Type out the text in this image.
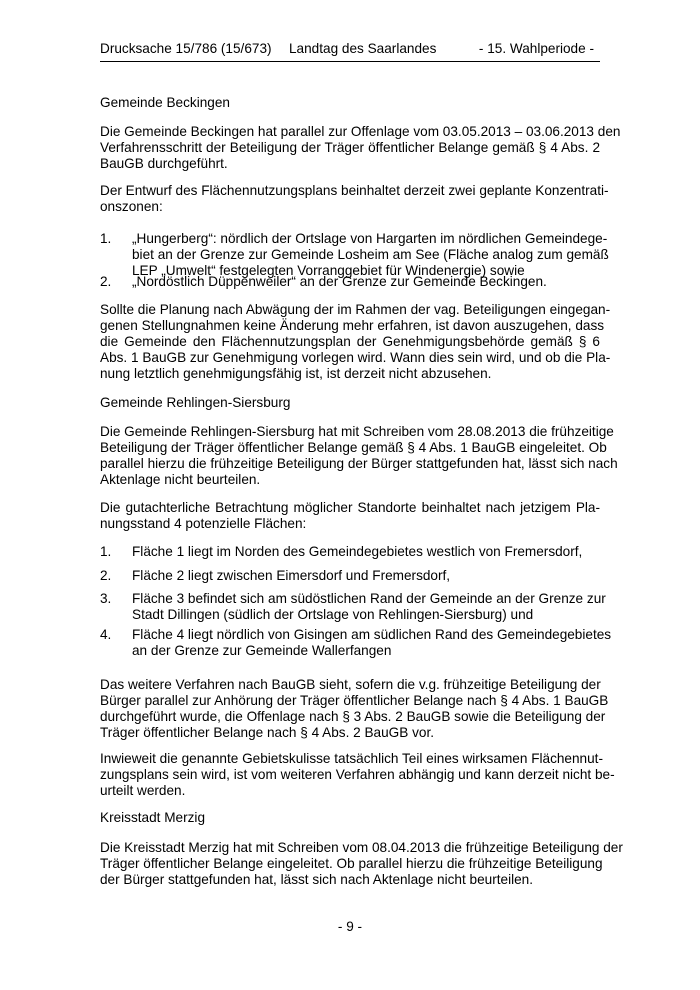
Drucksache 15/786 (15/673) Landtag des Saarlandes	- 15. Wahlperiode -
Gemeinde Beckingen
Die Gemeinde Beckingen hat parallel zur Offenlage vom 03.05.2013 – 03.06.2013 den
Verfahrensschritt der Beteiligung der Träger öffentlicher Belange gemäß § 4 Abs. 2
BauGB durchgeführt.
Der Entwurf des Flächennutzungsplans beinhaltet derzeit zwei geplante Konzentrati-
onszonen:
1. „Hungerberg“: nördlich der Ortslage von Hargarten im nördlichen Gemeindege-
biet an der Grenze zur Gemeinde Losheim am See (Fläche analog zum gemäß
LEP „Umwelt“ festgelegten Vorranggebiet für Windenergie) sowie
2. „Nordöstlich Düppenweiler“ an der Grenze zur Gemeinde Beckingen.
Sollte die Planung nach Abwägung der im Rahmen der vag. Beteiligungen eingegan-
genen Stellungnahmen keine Änderung mehr erfahren, ist davon auszugehen, dass
die Gemeinde den Flächennutzungsplan der Genehmigungsbehörde gemäß § 6
Abs. 1 BauGB zur Genehmigung vorlegen wird. Wann dies sein wird, und ob die Pla-
nung letztlich genehmigungsfähig ist, ist derzeit nicht abzusehen.
Gemeinde Rehlingen-Siersburg
Die Gemeinde Rehlingen-Siersburg hat mit Schreiben vom 28.08.2013 die frühzeitige
Beteiligung der Träger öffentlicher Belange gemäß § 4 Abs. 1 BauGB eingeleitet. Ob
parallel hierzu die frühzeitige Beteiligung der Bürger stattgefunden hat, lässt sich nach
Aktenlage nicht beurteilen.
Die gutachterliche Betrachtung möglicher Standorte beinhaltet nach jetzigem Pla-
nungsstand 4 potenzielle Flächen:
1. Fläche 1 liegt im Norden des Gemeindegebietes westlich von Fremersdorf,
2. Fläche 2 liegt zwischen Eimersdorf und Fremersdorf,
3. Fläche 3 befindet sich am südöstlichen Rand der Gemeinde an der Grenze zur
Stadt Dillingen (südlich der Ortslage von Rehlingen-Siersburg) und
4. Fläche 4 liegt nördlich von Gisingen am südlichen Rand des Gemeindegebietes
an der Grenze zur Gemeinde Wallerfangen
Das weitere Verfahren nach BauGB sieht, sofern die v.g. frühzeitige Beteiligung der
Bürger parallel zur Anhörung der Träger öffentlicher Belange nach § 4 Abs. 1 BauGB
durchgeführt wurde, die Offenlage nach § 3 Abs. 2 BauGB sowie die Beteiligung der
Träger öffentlicher Belange nach § 4 Abs. 2 BauGB vor.
Inwieweit die genannte Gebietskulisse tatsächlich Teil eines wirksamen Flächennut-
zungsplans sein wird, ist vom weiteren Verfahren abhängig und kann derzeit nicht be-
urteilt werden.
Kreisstadt Merzig
Die Kreisstadt Merzig hat mit Schreiben vom 08.04.2013 die frühzeitige Beteiligung der
Träger öffentlicher Belange eingeleitet. Ob parallel hierzu die frühzeitige Beteiligung
der Bürger stattgefunden hat, lässt sich nach Aktenlage nicht beurteilen.
- 9 -
